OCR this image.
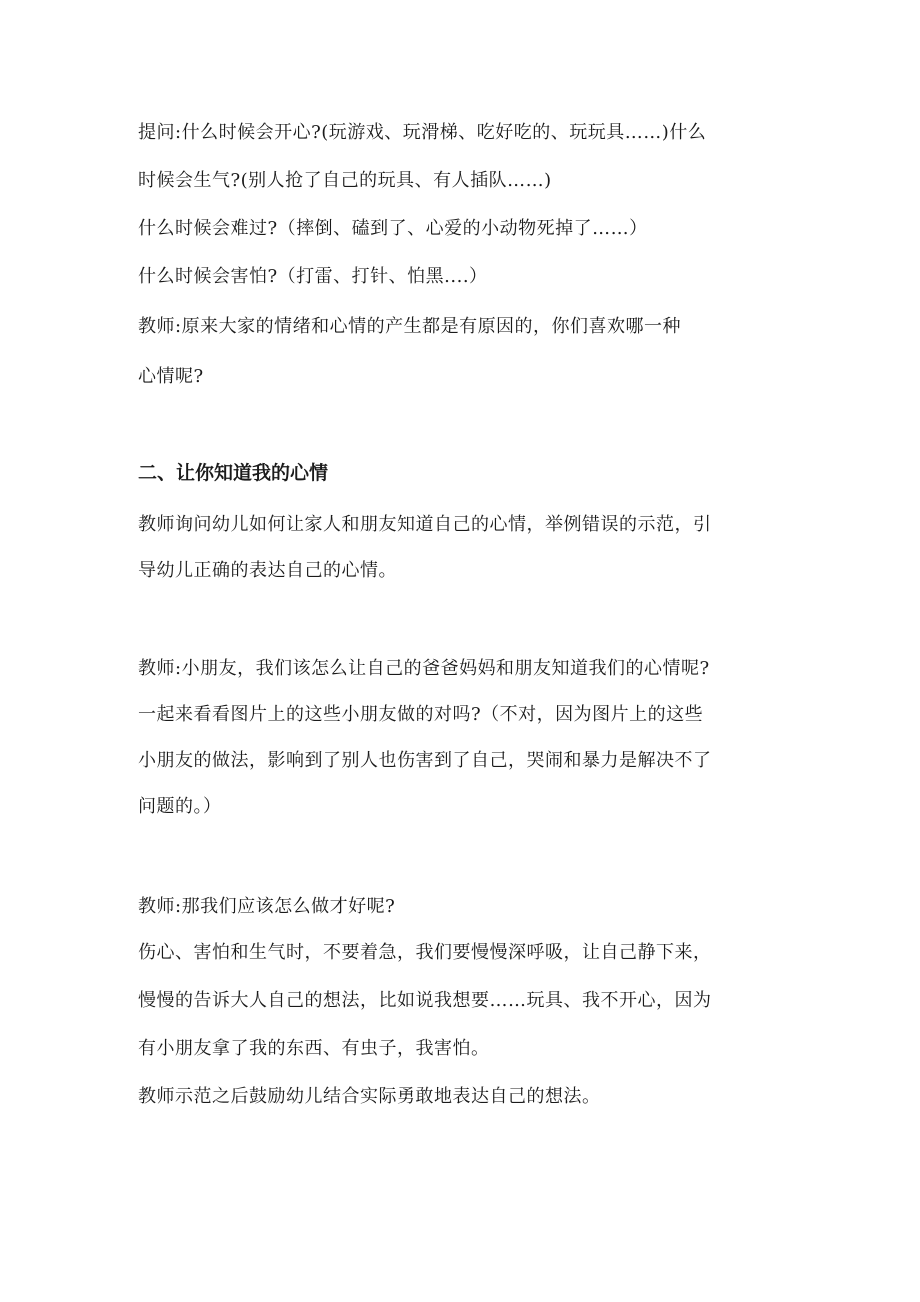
提问:什么时候会开心?(玩游戏、玩滑梯、吃好吃的、玩玩具……)什么
时候会生气?(别人抢了自己的玩具、有人插队……)
什么时候会难过?（摔倒、磕到了、心爱的小动物死掉了……）
什么时候会害怕?（打雷、打针、怕黑....）
教师:原来大家的情绪和心情的产生都是有原因的，你们喜欢哪一种
心情呢?
二、让你知道我的心情
教师询问幼儿如何让家人和朋友知道自己的心情，举例错误的示范，引
导幼儿正确的表达自己的心情。
教师:小朋友，我们该怎么让自己的爸爸妈妈和朋友知道我们的心情呢?
一起来看看图片上的这些小朋友做的对吗?（不对，因为图片上的这些
小朋友的做法，影响到了别人也伤害到了自己，哭闹和暴力是解决不了
问题的。）
教师:那我们应该怎么做才好呢?
伤心、害怕和生气时，不要着急，我们要慢慢深呼吸，让自己静下来，
慢慢的告诉大人自己的想法，比如说我想要……玩具、我不开心，因为
有小朋友拿了我的东西、有虫子，我害怕。
教师示范之后鼓励幼儿结合实际勇敢地表达自己的想法。
